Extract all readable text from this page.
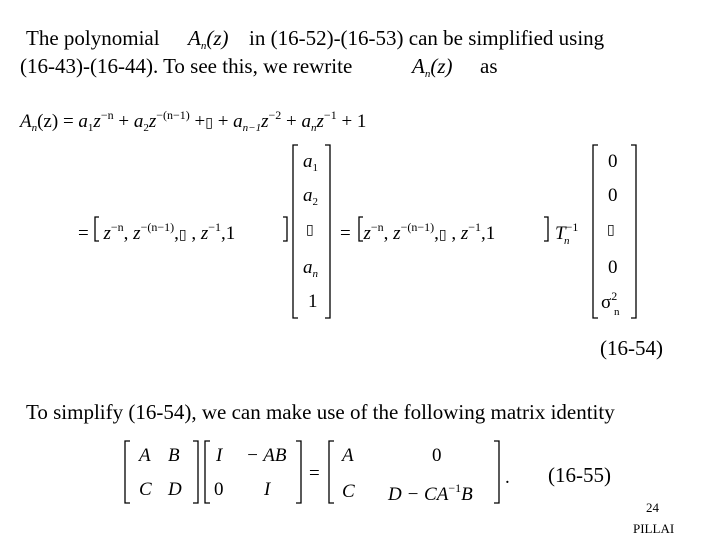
The polynomial $A_n(z)$ in (16-52)-(16-53) can be simplified using
(16-43)-(16-44). To see this, we rewrite	$A_n(z)$ as
$A_n(z) = a_1z^{-n} + a_2z^{-(n-1)}$ +▯ + $a_{n-1}z^{-2} + a_nz^{-1} + 1$
= $z^{-n}$, $z^{-(n-1)},▯$ , $z^{-1},1$
$a_1$
$a_2$
▯
$a_n$
1
= $z^{-n}$, $z^{-(n-1)},▯$ , $z^{-1},1$	$T^{-1}$
n
0
0
▯
0
$\sigma^2$
n
(16-54)
To simplify (16-54), we can make use of the following matrix identity
A B
C D
I − AB
0 I
=
A	0
C $D - CA^{-1}B$
. (16-55)
24
PILLAI
